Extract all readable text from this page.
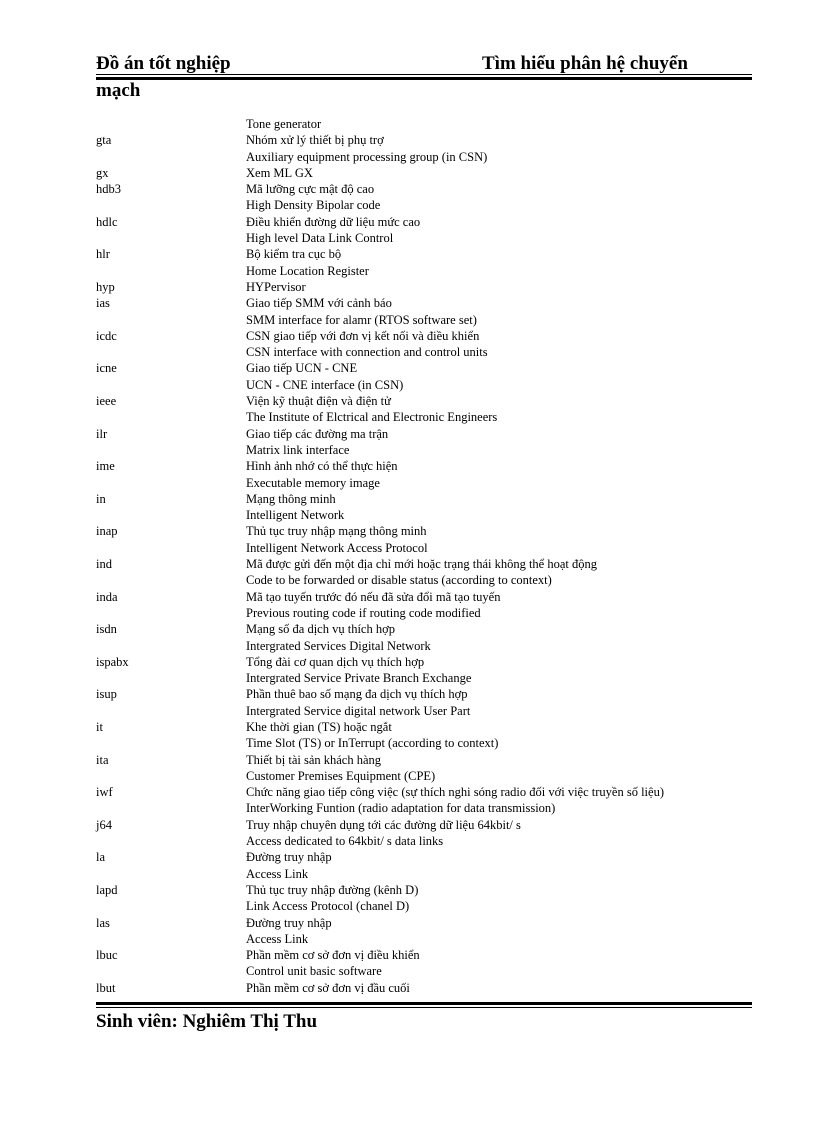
Đồ án tốt nghiệp	Tìm hiểu phân hệ chuyển
mạch
Tone generator
gta	Nhóm xử lý thiết bị phụ trợ
Auxiliary equipment processing group (in CSN)
gx	Xem ML GX
hdb3	Mã lưỡng cực mật độ cao
High Density Bipolar code
hdlc	Điều khiển đường dữ liệu mức cao
High level Data Link Control
hlr	Bộ kiểm tra cục bộ
Home Location Register
hyp	HYPervisor
ias	Giao tiếp SMM với cảnh báo
SMM interface for alamr (RTOS software set)
icdc	CSN giao tiếp với đơn vị kết nối và điều khiển
CSN interface with connection and control units
icne	Giao tiếp UCN - CNE
UCN - CNE interface (in CSN)
ieee	Viện kỹ thuật điện và điện tử
The Institute of Elctrical and Electronic Engineers
ilr	Giao tiếp các đường ma trận
Matrix link interface
ime	Hình ảnh nhớ có thể thực hiện
Executable memory image
in	Mạng thông minh
Intelligent Network
inap	Thủ tục truy nhập mạng thông minh
Intelligent Network Access Protocol
ind	Mã được gửi đến một địa chỉ mới hoặc trạng thái không thể hoạt động
Code to be forwarded or disable status (according to context)
inda	Mã tạo tuyến trước đó nếu đã sửa đổi mã tạo tuyến
Previous routing code if routing code modified
isdn	Mạng số đa dịch vụ thích hợp
Intergrated Services Digital Network
ispabx	Tổng đài cơ quan dịch vụ thích hợp
Intergrated Service Private Branch Exchange
isup	Phần thuê bao số mạng đa dịch vụ thích hợp
Intergrated Service digital network User Part
it	Khe thời gian (TS) hoặc ngắt
Time Slot (TS) or InTerrupt (according to context)
ita	Thiết bị tài sản khách hàng
Customer Premises Equipment (CPE)
iwf	Chức năng giao tiếp công việc (sự thích nghi sóng radio đối với việc truyền số liệu)
InterWorking Funtion (radio adaptation for data transmission)
j64	Truy nhập chuyên dụng tới các đường dữ liệu 64kbit/ s
Access dedicated to 64kbit/ s data links
la	Đường truy nhập
Access Link
lapd	Thủ tục truy nhập đường (kênh D)
Link Access Protocol (chanel D)
las	Đường truy nhập
Access Link
lbuc	Phần mềm cơ sở đơn vị điều khiển
Control unit basic software
lbut	Phần mềm cơ sở đơn vị đầu cuối
Sinh viên: Nghiêm Thị Thu
